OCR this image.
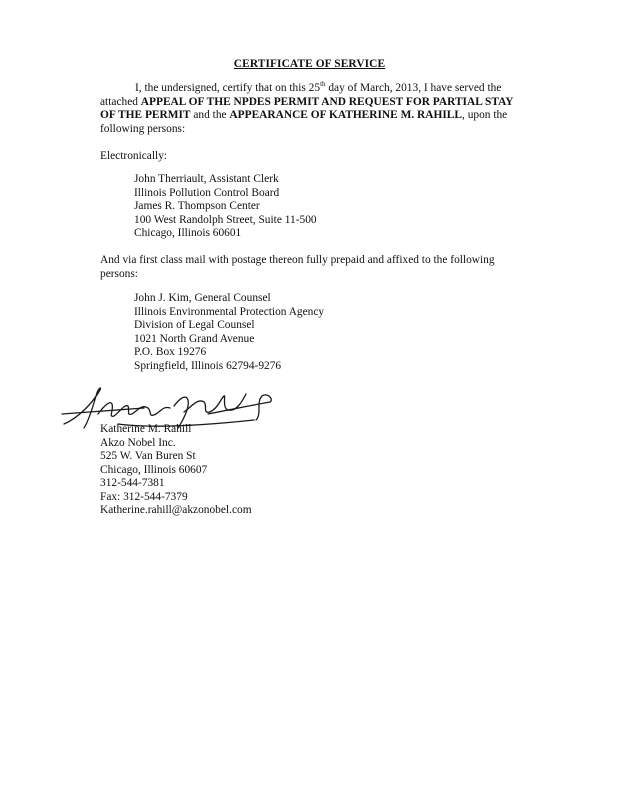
CERTIFICATE OF SERVICE

I, the undersigned, certify that on this 25th day of March, 2013, I have served the attached APPEAL OF THE NPDES PERMIT AND REQUEST FOR PARTIAL STAY OF THE PERMIT and the APPEARANCE OF KATHERINE M. RAHILL, upon the following persons:

Electronically:
John Therriault, Assistant Clerk
Illinois Pollution Control Board
James R. Thompson Center
100 West Randolph Street, Suite 11-500
Chicago, Illinois 60601
And via first class mail with postage thereon fully prepaid and affixed to the following persons:
John J. Kim, General Counsel
Illinois Environmental Protection Agency
Division of Legal Counsel
1021 North Grand Avenue
P.O. Box 19276
Springfield, Illinois 62794-9276
Katherine M. Rahill
Akzo Nobel Inc.
525 W. Van Buren St
Chicago, Illinois 60607
312-544-7381
Fax: 312-544-7379
Katherine.rahill@akzonobel.com
